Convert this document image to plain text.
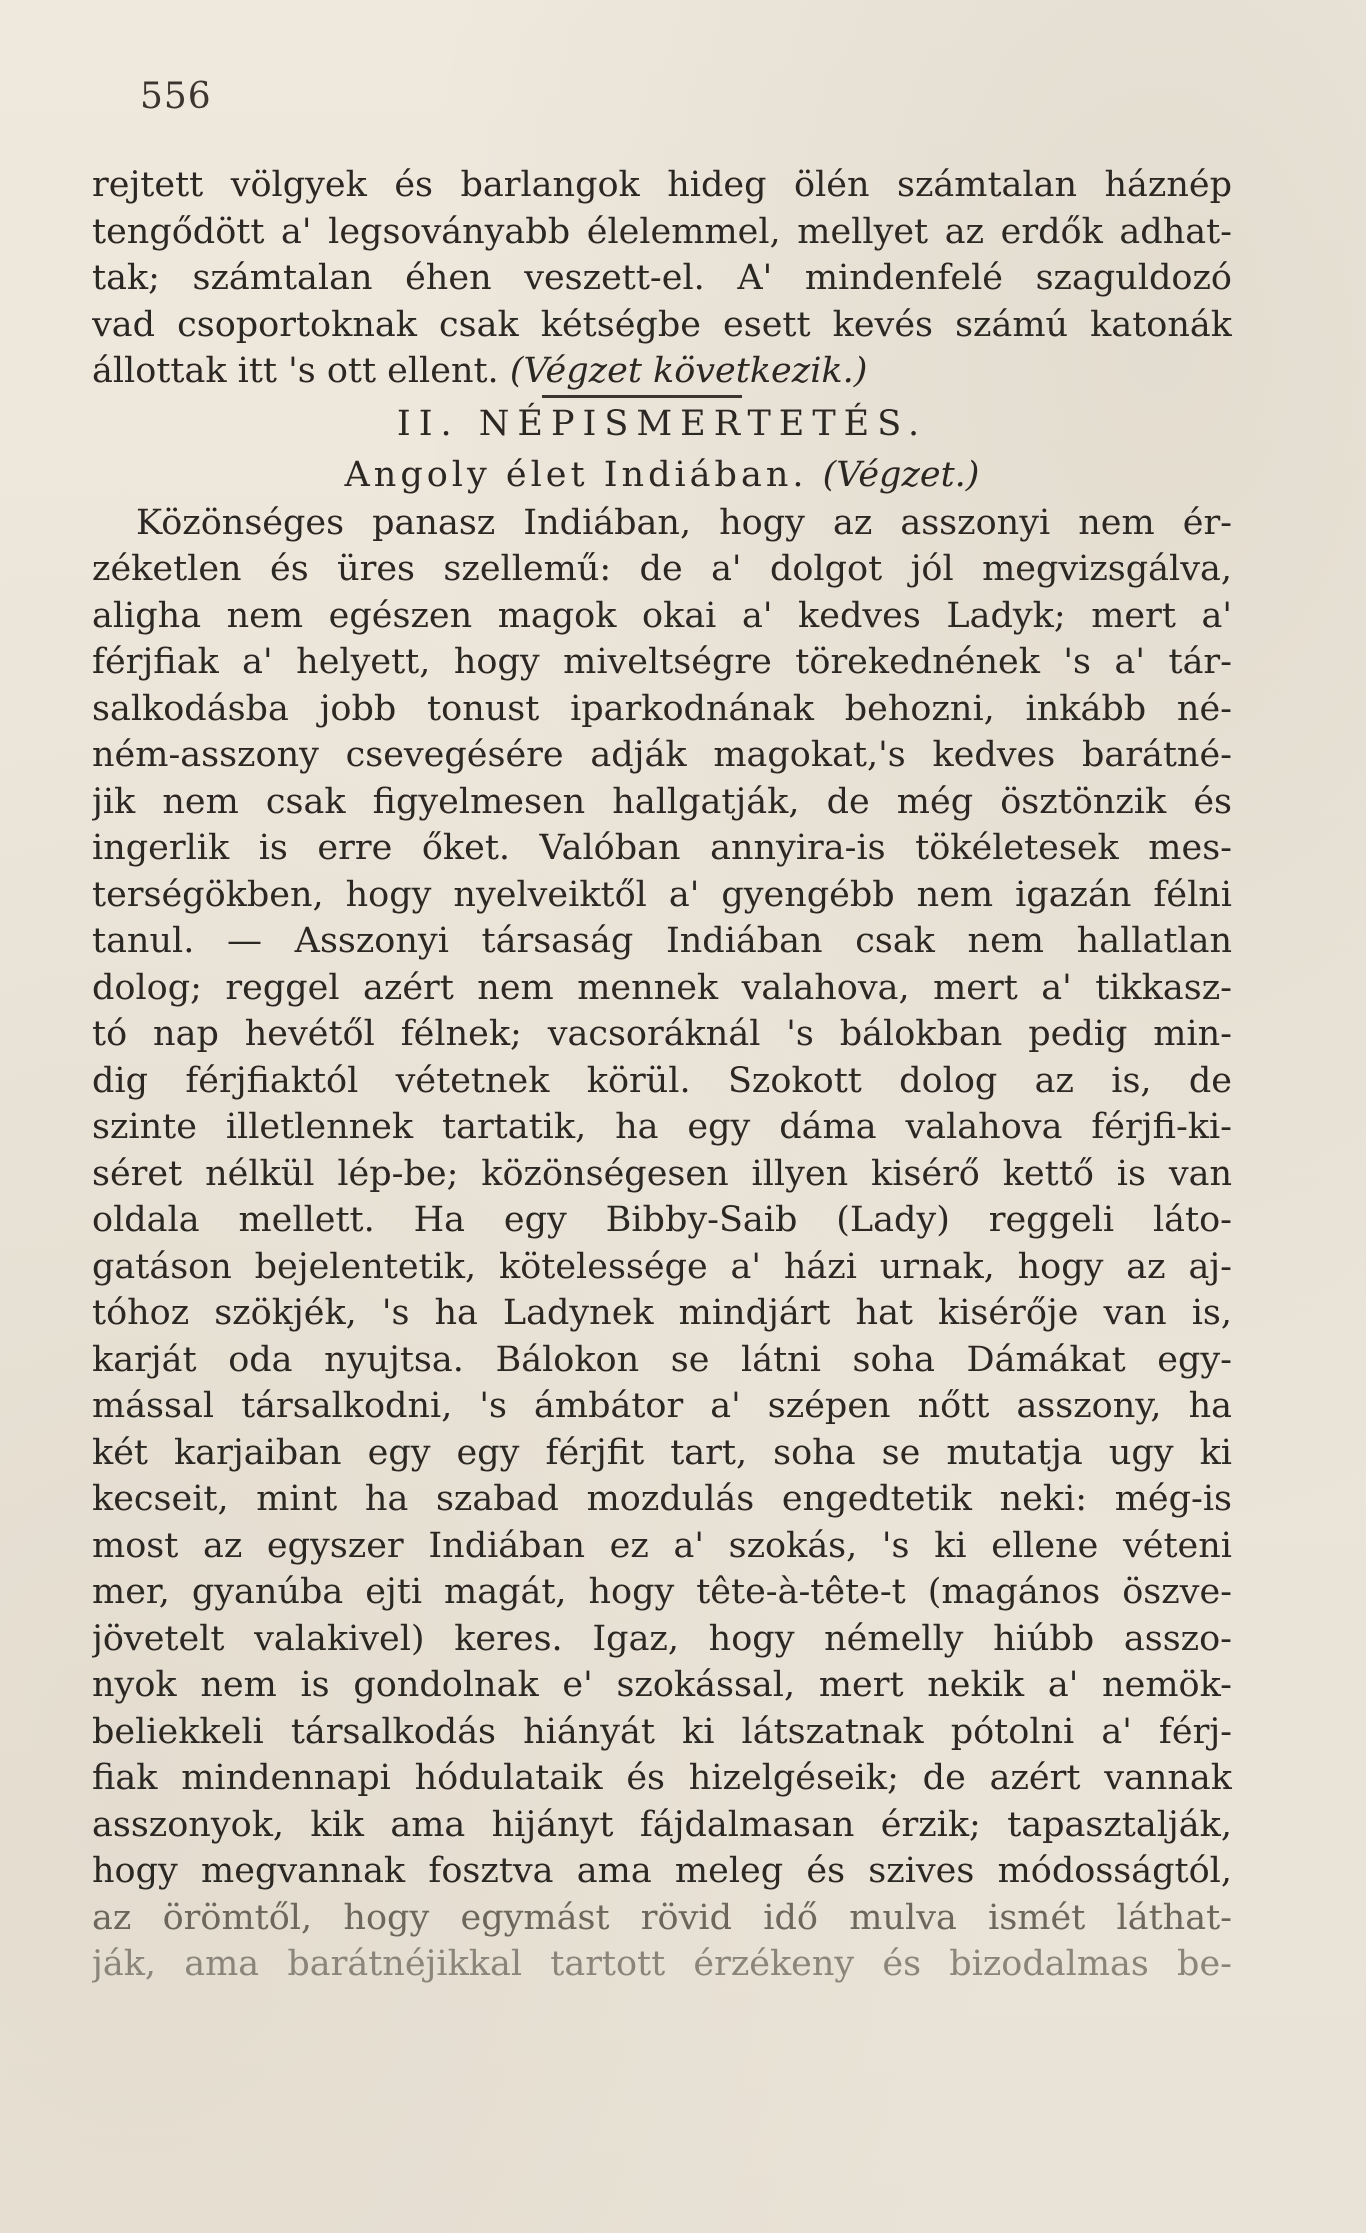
556
rejtett völgyek és barlangok hideg ölén számtalan háznép
tengődött a' legsoványabb élelemmel, mellyet az erdők adhat-
tak; számtalan éhen veszett-el. A' mindenfelé szaguldozó
vad csoportoknak csak kétségbe esett kevés számú katonák
állottak itt 's ott ellent. (Végzet következik.)
II. NÉPISMERTETÉS.
Angoly élet Indiában. (Végzet.)
Közönséges panasz Indiában, hogy az asszonyi nem ér-
zéketlen és üres szellemű: de a' dolgot jól megvizsgálva,
aligha nem egészen magok okai a' kedves Ladyk; mert a'
férjfiak a' helyett, hogy miveltségre törekednének 's a' tár-
salkodásba jobb tonust iparkodnának behozni, inkább né-
ném-asszony csevegésére adják magokat,'s kedves barátné-
jik nem csak figyelmesen hallgatják, de még ösztönzik és
ingerlik is erre őket. Valóban annyira-is tökéletesek mes-
terségökben, hogy nyelveiktől a' gyengébb nem igazán félni
tanul. — Asszonyi társaság Indiában csak nem hallatlan
dolog; reggel azért nem mennek valahova, mert a' tikkasz-
tó nap hevétől félnek; vacsoráknál 's bálokban pedig min-
dig férjfiaktól vétetnek körül. Szokott dolog az is, de
szinte illetlennek tartatik, ha egy dáma valahova férjfi-ki-
séret nélkül lép-be; közönségesen illyen kisérő kettő is van
oldala mellett. Ha egy Bibby-Saib (Lady) reggeli láto-
gatáson bejelentetik, kötelessége a' házi urnak, hogy az aj-
tóhoz szökjék, 's ha Ladynek mindjárt hat kisérője van is,
karját oda nyujtsa. Bálokon se látni soha Dámákat egy-
mással társalkodni, 's ámbátor a' szépen nőtt asszony, ha
két karjaiban egy egy férjfit tart, soha se mutatja ugy ki
kecseit, mint ha szabad mozdulás engedtetik neki: még-is
most az egyszer Indiában ez a' szokás, 's ki ellene véteni
mer, gyanúba ejti magát, hogy tête-à-tête-t (magános öszve-
jövetelt valakivel) keres. Igaz, hogy némelly hiúbb asszo-
nyok nem is gondolnak e' szokással, mert nekik a' nemök-
beliekkeli társalkodás hiányát ki látszatnak pótolni a' férj-
fiak mindennapi hódulataik és hizelgéseik; de azért vannak
asszonyok, kik ama hijányt fájdalmasan érzik; tapasztalják,
hogy megvannak fosztva ama meleg és szives módosságtól,
az örömtől, hogy egymást rövid idő mulva ismét láthat-
ják, ama barátnéjikkal tartott érzékeny és bizodalmas be-
